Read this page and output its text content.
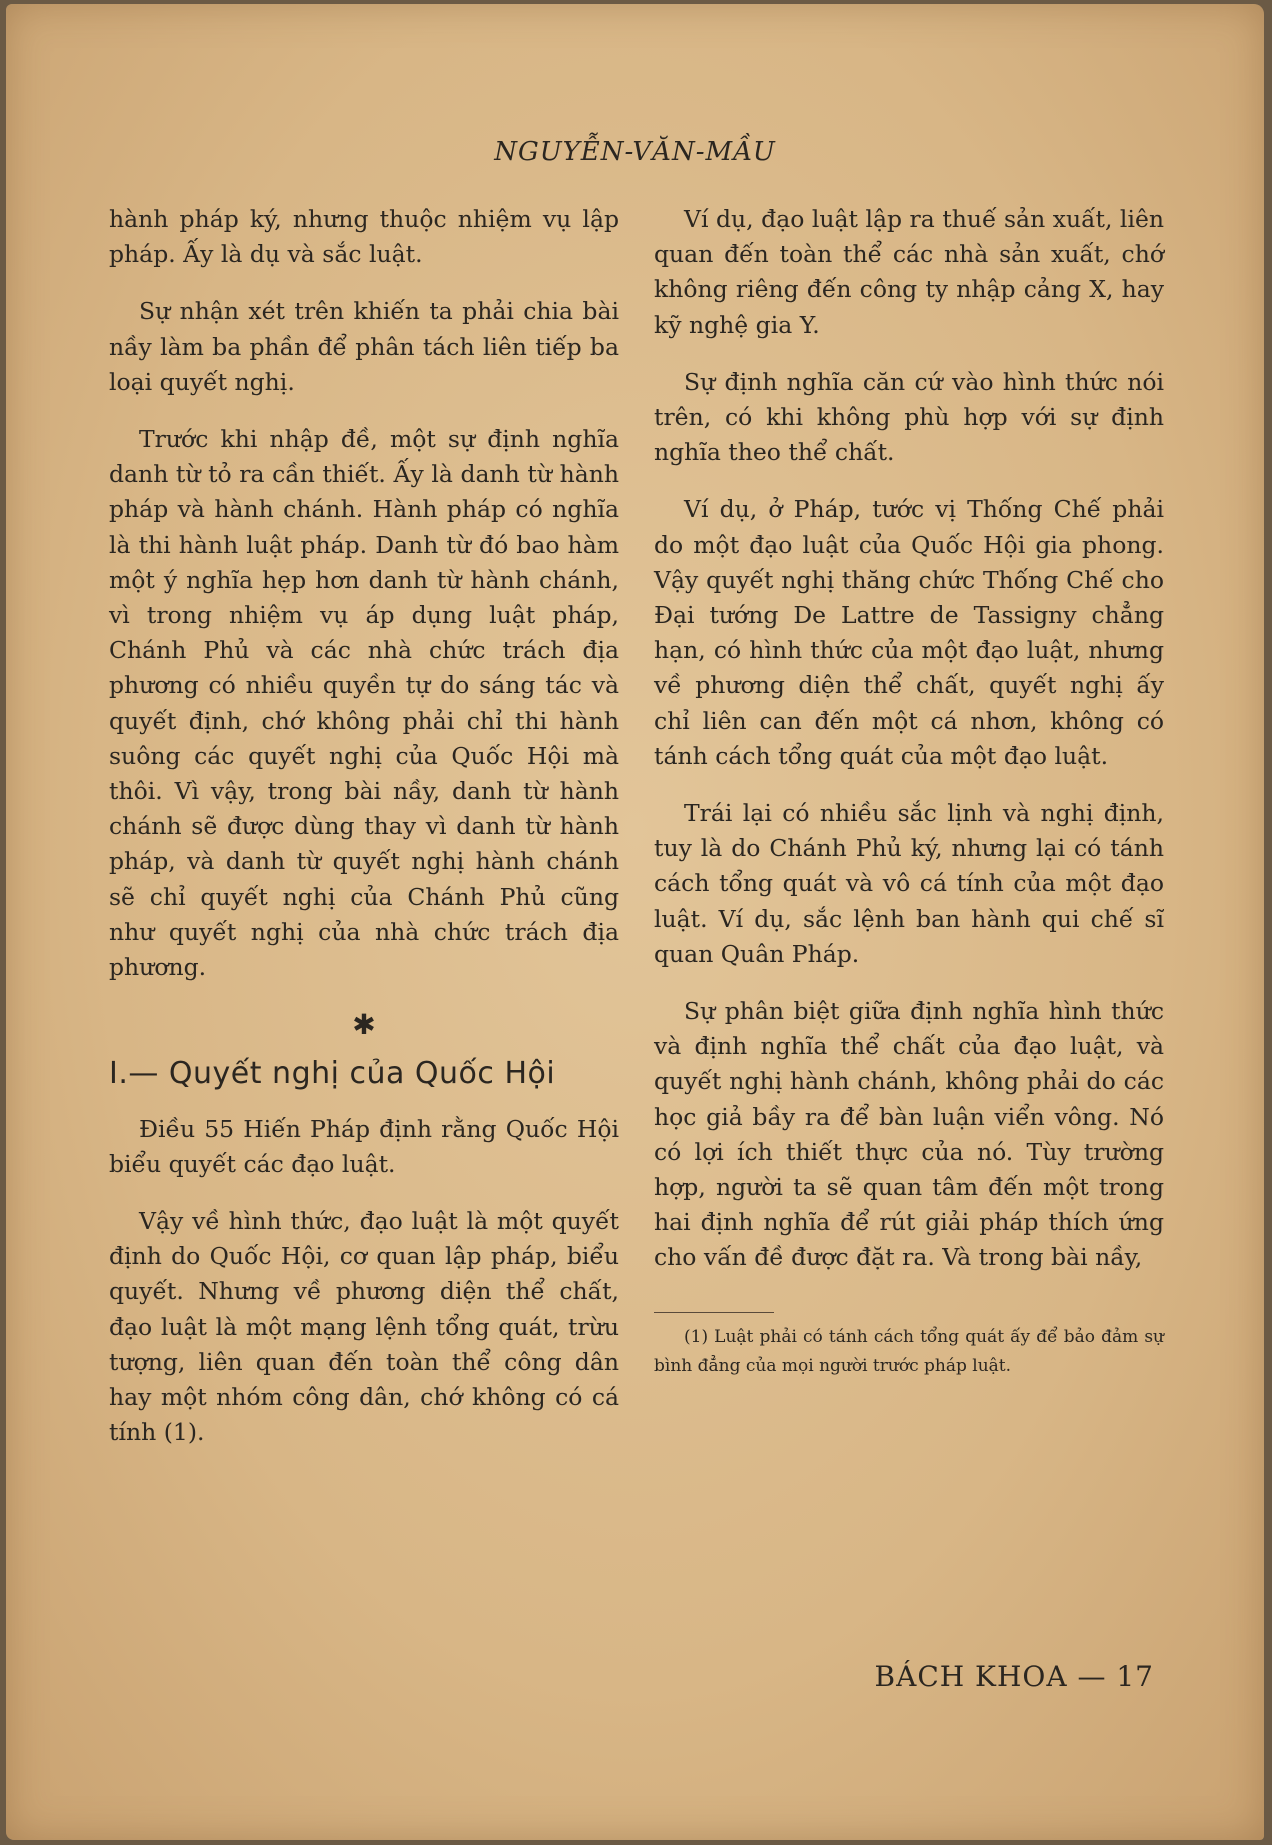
NGUYỄN-VĂN-MẦU

hành pháp ký, nhưng thuộc nhiệm vụ lập pháp. Ấy là dụ và sắc luật.

Sự nhận xét trên khiến ta phải chia bài nầy làm ba phần để phân tách liên tiếp ba loại quyết nghị.

Trước khi nhập đề, một sự định nghĩa danh từ tỏ ra cần thiết. Ấy là danh từ hành pháp và hành chánh. Hành pháp có nghĩa là thi hành luật pháp. Danh từ đó bao hàm một ý nghĩa hẹp hơn danh từ hành chánh, vì trong nhiệm vụ áp dụng luật pháp, Chánh Phủ và các nhà chức trách địa phương có nhiều quyền tự do sáng tác và quyết định, chớ không phải chỉ thi hành suông các quyết nghị của Quốc Hội mà thôi. Vì vậy, trong bài nầy, danh từ hành chánh sẽ được dùng thay vì danh từ hành pháp, và danh từ quyết nghị hành chánh sẽ chỉ quyết nghị của Chánh Phủ cũng như quyết nghị của nhà chức trách địa phương.

✱
I.— Quyết nghị của Quốc Hội

Điều 55 Hiến Pháp định rằng Quốc Hội biểu quyết các đạo luật.

Vậy về hình thức, đạo luật là một quyết định do Quốc Hội, cơ quan lập pháp, biểu quyết. Nhưng về phương diện thể chất, đạo luật là một mạng lệnh tổng quát, trừu tượng, liên quan đến toàn thể công dân hay một nhóm công dân, chớ không có cá tính (1).

Ví dụ, đạo luật lập ra thuế sản xuất, liên quan đến toàn thể các nhà sản xuất, chớ không riêng đến công ty nhập cảng X, hay kỹ nghệ gia Y.

Sự định nghĩa căn cứ vào hình thức nói trên, có khi không phù hợp với sự định nghĩa theo thể chất.

Ví dụ, ở Pháp, tước vị Thống Chế phải do một đạo luật của Quốc Hội gia phong. Vậy quyết nghị thăng chức Thống Chế cho Đại tướng De Lattre de Tassigny chẳng hạn, có hình thức của một đạo luật, nhưng về phương diện thể chất, quyết nghị ấy chỉ liên can đến một cá nhơn, không có tánh cách tổng quát của một đạo luật.

Trái lại có nhiều sắc lịnh và nghị định, tuy là do Chánh Phủ ký, nhưng lại có tánh cách tổng quát và vô cá tính của một đạo luật. Ví dụ, sắc lệnh ban hành qui chế sĩ quan Quân Pháp.

Sự phân biệt giữa định nghĩa hình thức và định nghĩa thể chất của đạo luật, và quyết nghị hành chánh, không phải do các học giả bầy ra để bàn luận viển vông. Nó có lợi ích thiết thực của nó. Tùy trường hợp, người ta sẽ quan tâm đến một trong hai định nghĩa để rút giải pháp thích ứng cho vấn đề được đặt ra. Và trong bài nầy,

(1) Luật phải có tánh cách tổng quát ấy để bảo đảm sự bình đẳng của mọi người trước pháp luật.

BÁCH KHOA — 17
